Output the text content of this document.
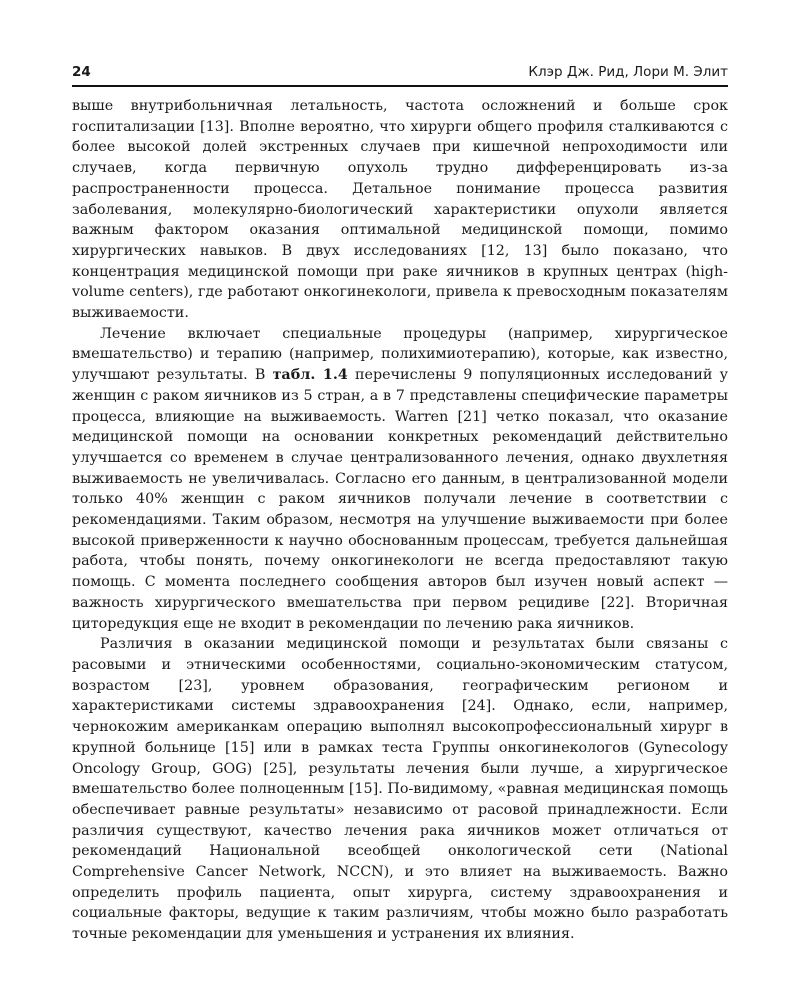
24	Клэр Дж. Рид, Лори М. Элит

выше внутрибольничная летальность, частота осложнений и больше срок госпитализации [13]. Вполне вероятно, что хирурги общего профиля сталкиваются с более высокой долей экстренных случаев при кишечной непроходимости или случаев, когда первичную опухоль трудно дифференцировать из-за распространенности процесса. Детальное понимание процесса развития заболевания, молекулярно-биологический характеристики опухоли является важным фактором оказания оптимальной медицинской помощи, помимо хирургических навыков. В двух исследованиях [12, 13] было показано, что концентрация медицинской помощи при раке яичников в крупных центрах (high-volume centers), где работают онкогинекологи, привела к превосходным показателям выживаемости.

Лечение включает специальные процедуры (например, хирургическое вмешательство) и терапию (например, полихимиотерапию), которые, как известно, улучшают результаты. В табл. 1.4 перечислены 9 популяционных исследований у женщин с раком яичников из 5 стран, а в 7 представлены специфические параметры процесса, влияющие на выживаемость. Warren [21] четко показал, что оказание медицинской помощи на основании конкретных рекомендаций действительно улучшается со временем в случае централизованного лечения, однако двухлетняя выживаемость не увеличивалась. Согласно его данным, в централизованной модели только 40% женщин с раком яичников получали лечение в соответствии с рекомендациями. Таким образом, несмотря на улучшение выживаемости при более высокой приверженности к научно обоснованным процессам, требуется дальнейшая работа, чтобы понять, почему онкогинекологи не всегда предоставляют такую помощь. С момента последнего сообщения авторов был изучен новый аспект — важность хирургического вмешательства при первом рецидиве [22]. Вторичная циторедукция еще не входит в рекомендации по лечению рака яичников.

Различия в оказании медицинской помощи и результатах были связаны с расовыми и этническими особенностями, социально-экономическим статусом, возрастом [23], уровнем образования, географическим регионом и характеристиками системы здравоохранения [24]. Однако, если, например, чернокожим американкам операцию выполнял высокопрофессиональный хирург в крупной больнице [15] или в рамках теста Группы онкогинекологов (Gynecology Oncology Group, GOG) [25], результаты лечения были лучше, а хирургическое вмешательство более полноценным [15]. По-видимому, «равная медицинская помощь обеспечивает равные результаты» независимо от расовой принадлежности. Если различия существуют, качество лечения рака яичников может отличаться от рекомендаций Национальной всеобщей онкологической сети (National Comprehensive Cancer Network, NCCN), и это влияет на выживаемость. Важно определить профиль пациента, опыт хирурга, систему здравоохранения и социальные факторы, ведущие к таким различиям, чтобы можно было разработать точные рекомендации для уменьшения и устранения их влияния.
